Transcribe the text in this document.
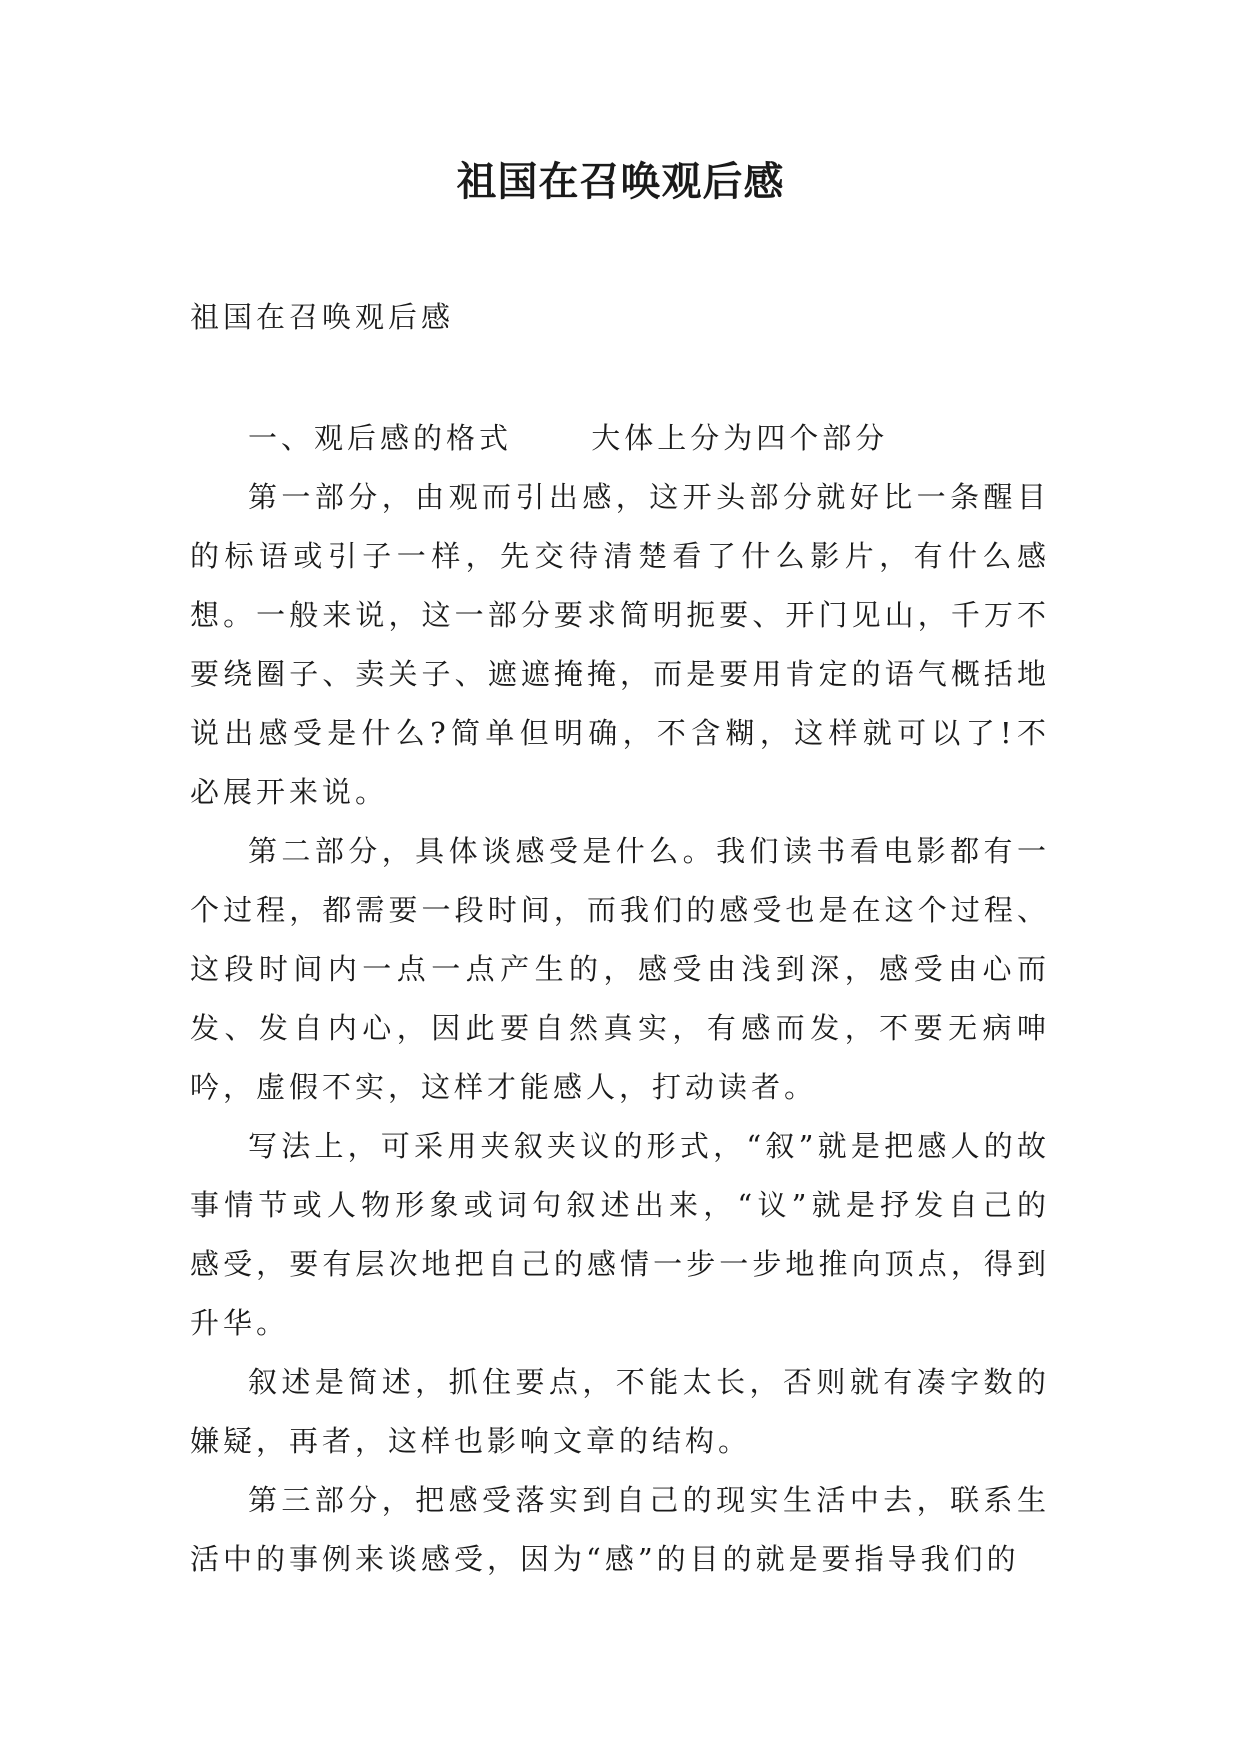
祖国在召唤观后感

祖国在召唤观后感

一、观后感的格式      大体上分为四个部分

第一部分，由观而引出感，这开头部分就好比一条醒目的标语或引子一样，先交待清楚看了什么影片，有什么感想。一般来说，这一部分要求简明扼要、开门见山，千万不要绕圈子、卖关子、遮遮掩掩，而是要用肯定的语气概括地说出感受是什么?简单但明确，不含糊，这样就可以了!不必展开来说。

第二部分，具体谈感受是什么。我们读书看电影都有一个过程，都需要一段时间，而我们的感受也是在这个过程、这段时间内一点一点产生的，感受由浅到深，感受由心而发、发自内心，因此要自然真实，有感而发，不要无病呻吟，虚假不实，这样才能感人，打动读者。

写法上，可采用夹叙夹议的形式，“叙”就是把感人的故事情节或人物形象或词句叙述出来，“议”就是抒发自己的感受，要有层次地把自己的感情一步一步地推向顶点，得到升华。

叙述是简述，抓住要点，不能太长，否则就有凑字数的嫌疑，再者，这样也影响文章的结构。

第三部分，把感受落实到自己的现实生活中去，联系生活中的事例来谈感受，因为“感”的目的就是要指导我们的
